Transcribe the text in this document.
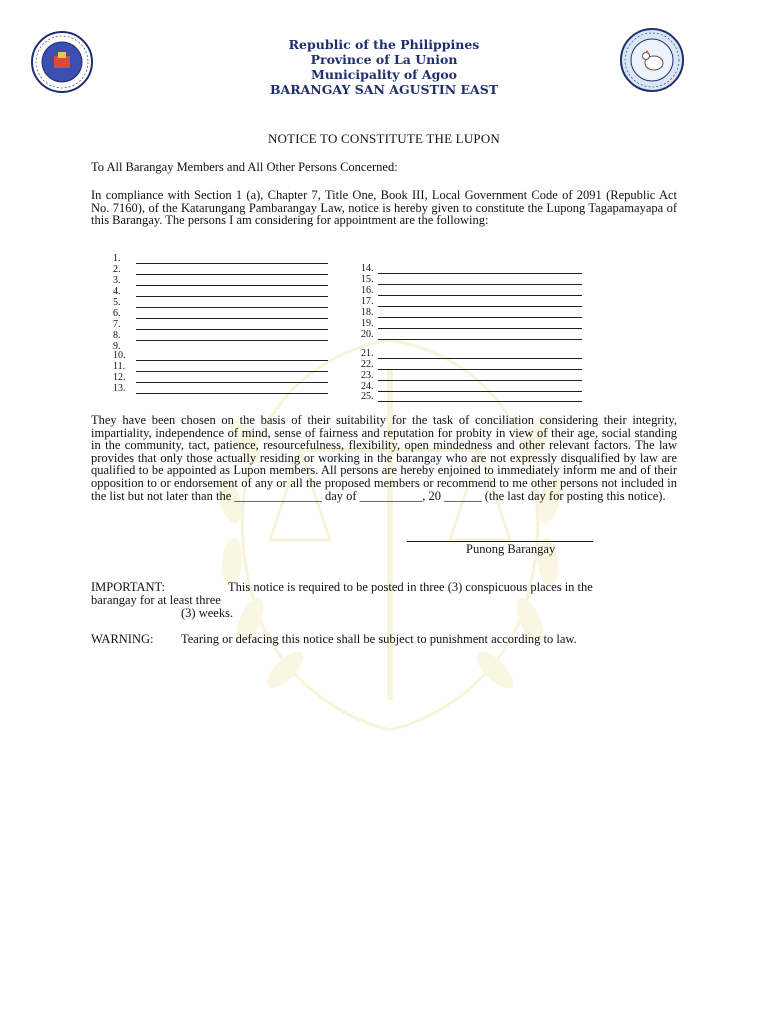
Republic of the Philippines
Province of La Union
Municipality of Agoo
BARANGAY SAN AGUSTIN EAST
NOTICE TO CONSTITUTE THE LUPON
To All Barangay Members and All Other Persons Concerned:
In compliance with Section 1 (a), Chapter 7, Title One, Book III, Local Government Code of 2091 (Republic Act No. 7160), of the Katarungang Pambarangay Law, notice is hereby given to constitute the Lupong Tagapamayapa of this Barangay. The persons I am considering for appointment are the following:
1.
2.
3.
4.
5.
6.
7.
8.
9.
10.
11.
12.
13.
14.
15.
16.
17.
18.
19.
20.
21.
22.
23.
24.
25.
They have been chosen on the basis of their suitability for the task of conciliation considering their integrity, impartiality, independence of mind, sense of fairness and reputation for probity in view of their age, social standing in the community, tact, patience, resourcefulness, flexibility, open mindedness and other relevant factors. The law provides that only those actually residing or working in the barangay who are not expressly disqualified by law are qualified to be appointed as Lupon members. All persons are hereby enjoined to immediately inform me and of their opposition to or endorsement of any or all the proposed members or recommend to me other persons not included in the list but not later than the ______________ day of __________, 20 ______ (the last day for posting this notice).
Punong Barangay
IMPORTANT:	This notice is required to be posted in three (3) conspicuous places in the
barangay for at least three
(3) weeks.
WARNING: Tearing or defacing this notice shall be subject to punishment according to law.
